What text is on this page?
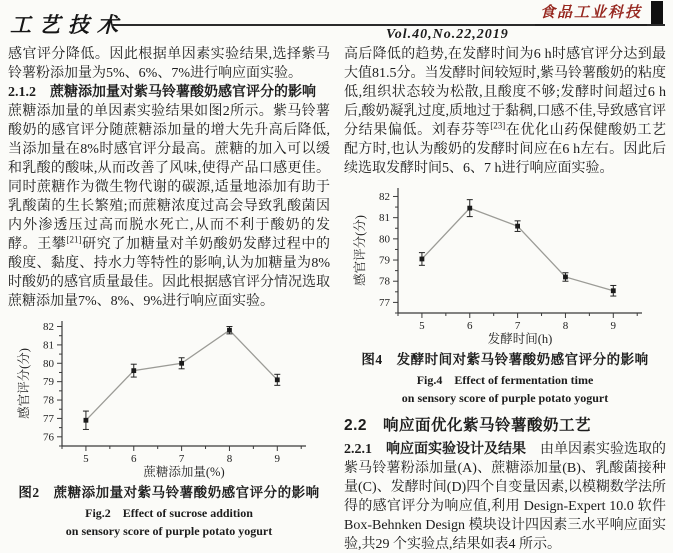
工艺技术	食品工业科技
Vol.40,No.22,2019

感官评分降低。因此根据单因素实验结果,选择紫马铃薯粉添加量为5%、6%、7%进行响应面实验。

2.1.2　蔗糖添加量对紫马铃薯酸奶感官评分的影响　蔗糖添加量的单因素实验结果如图2所示。紫马铃薯酸奶的感官评分随蔗糖添加量的增大先升高后降低,当添加量在8%时感官评分最高。蔗糖的加入可以缓和乳酸的酸味,从而改善了风味,使得产品口感更佳。同时蔗糖作为微生物代谢的碳源,适量地添加有助于乳酸菌的生长繁殖;而蔗糖浓度过高会导致乳酸菌因内外渗透压过高而脱水死亡,从而不利于酸奶的发酵。王攀[21]研究了加糖量对羊奶酸奶发酵过程中的酸度、黏度、持水力等特性的影响,认为加糖量为8%时酸奶的感官质量最佳。因此根据感官评分情况选取蔗糖添加量7%、8%、9%进行响应面实验。

76
77
78
79
80
81
82
5	6	7	8	9
蔗糖添加量(%)
感官评分(分)
图2　蔗糖添加量对紫马铃薯酸奶感官评分的影响
Fig.2　Effect of sucrose addition
on sensory score of purple potato yogurt

高后降低的趋势,在发酵时间为6 h时感官评分达到最大值81.5分。当发酵时间较短时,紫马铃薯酸奶的粘度低,组织状态较为松散,且酸度不够;发酵时间超过6 h后,酸奶凝乳过度,质地过于黏稠,口感不佳,导致感官评分结果偏低。刘春芬等[23]在优化山药保健酸奶工艺配方时,也认为酸奶的发酵时间应在6 h左右。因此后续选取发酵时间5、6、7 h进行响应面实验。

77
78
79
80
81
82
5	6	7	8	9
发酵时间(h)
感官评分(分)
图4　发酵时间对紫马铃薯酸奶感官评分的影响
Fig.4　Effect of fermentation time
on sensory score of purple potato yogurt
2.2　响应面优化紫马铃薯酸奶工艺

2.2.1　响应面实验设计及结果　由单因素实验选取的紫马铃薯粉添加量(A)、蔗糖添加量(B)、乳酸菌接种量(C)、发酵时间(D)四个自变量因素,以模糊数学法所得的感官评分为响应值,利用 Design-Expert 10.0 软件 Box-Behnken Design 模块设计四因素三水平响应面实验,共29 个实验点,结果如表4 所示。
